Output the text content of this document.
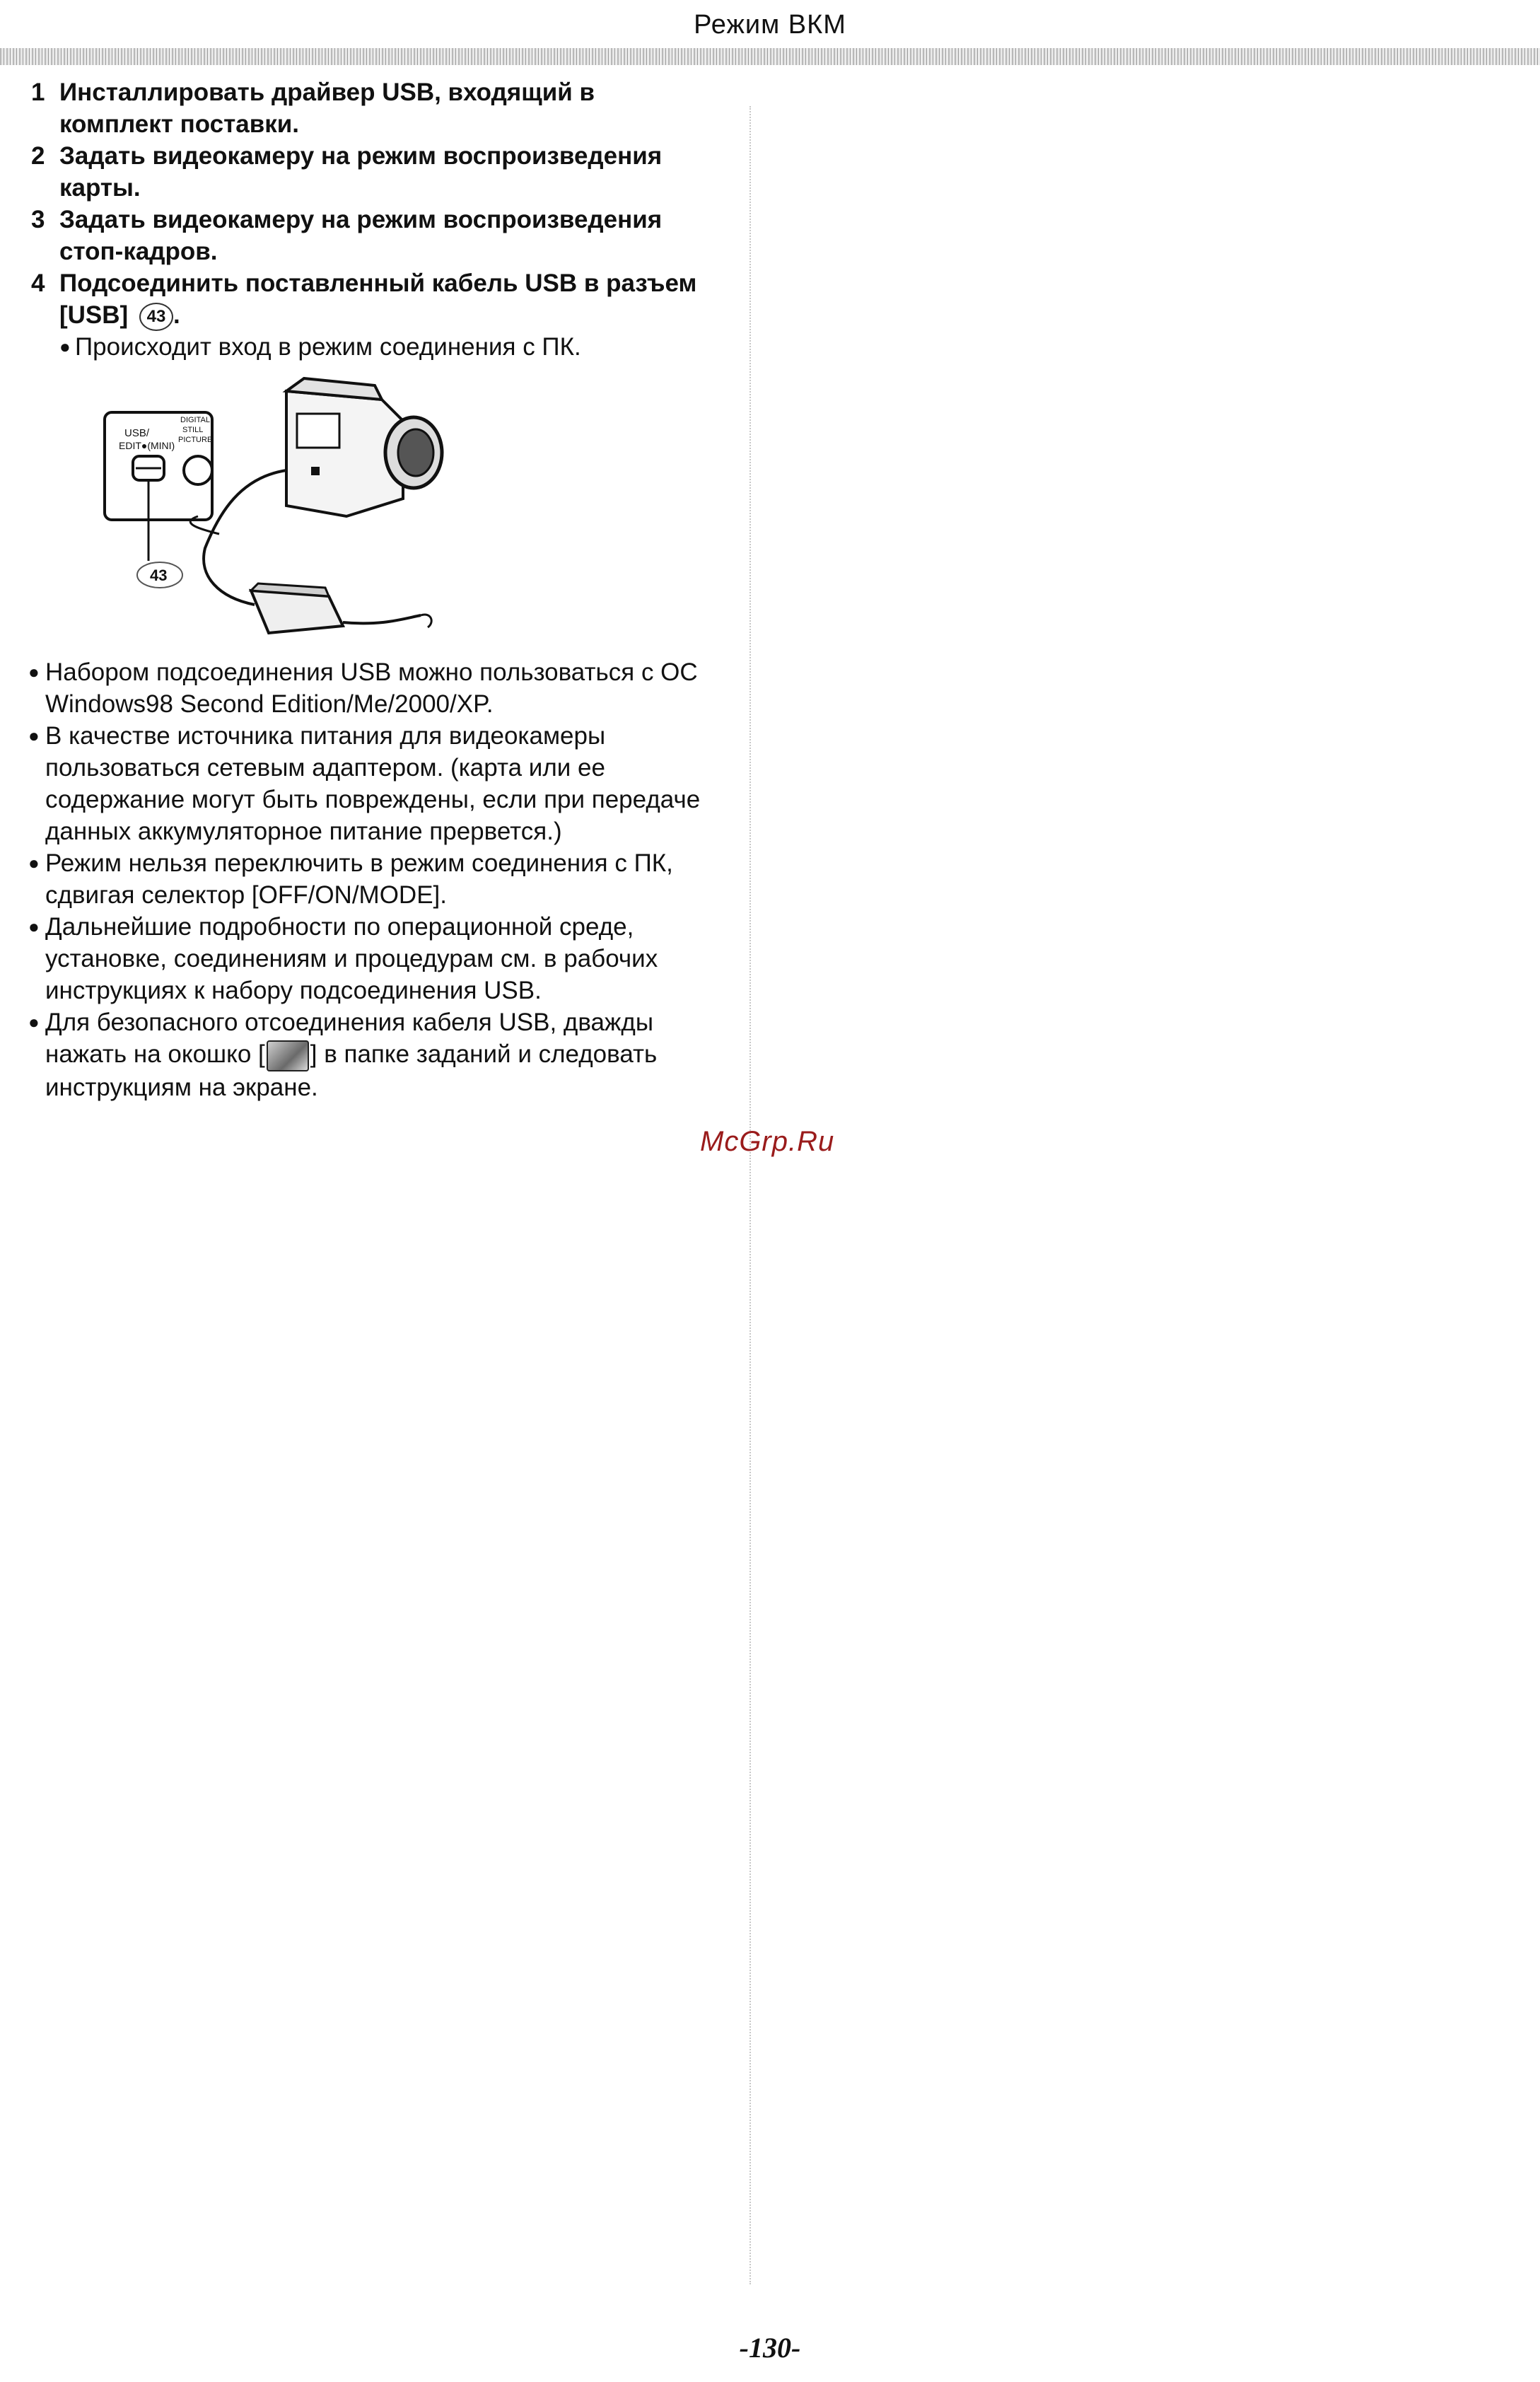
Режим ВКМ
1 Инсталлировать драйвер USB, входящий в комплект поставки.
2 Задать видеокамеру на режим воспроизведения карты.
3 Задать видеокамеру на режим воспроизведения стоп-кадров.
4 Подсоединить поставленный кабель USB в разъем [USB] 43 .
● Происходит вход в режим соединения с ПК.
USB/
EDIT●(MINI)
DIGITAL
STILL
PICTURE
43
● Набором подсоединения USB можно пользоваться с ОС Windows98 Second Edition/Me/2000/XP.
● В качестве источника питания для видеокамеры пользоваться сетевым адаптером. (карта или ее содержание могут быть повреждены, если при передаче данных аккумуляторное питание прервется.)
● Режим нельзя переключить в режим соединения с ПК, сдвигая селектор [OFF/ON/MODE].
● Дальнейшие подробности по операционной среде, установке, соединениям и процедурам см. в рабочих инструкциях к набору подсоединения USB.
● Для безопасного отсоединения кабеля USB, дважды нажать на окошко [ ] в папке заданий и следовать инструкциям на экране.
McGrp.Ru
-130-
